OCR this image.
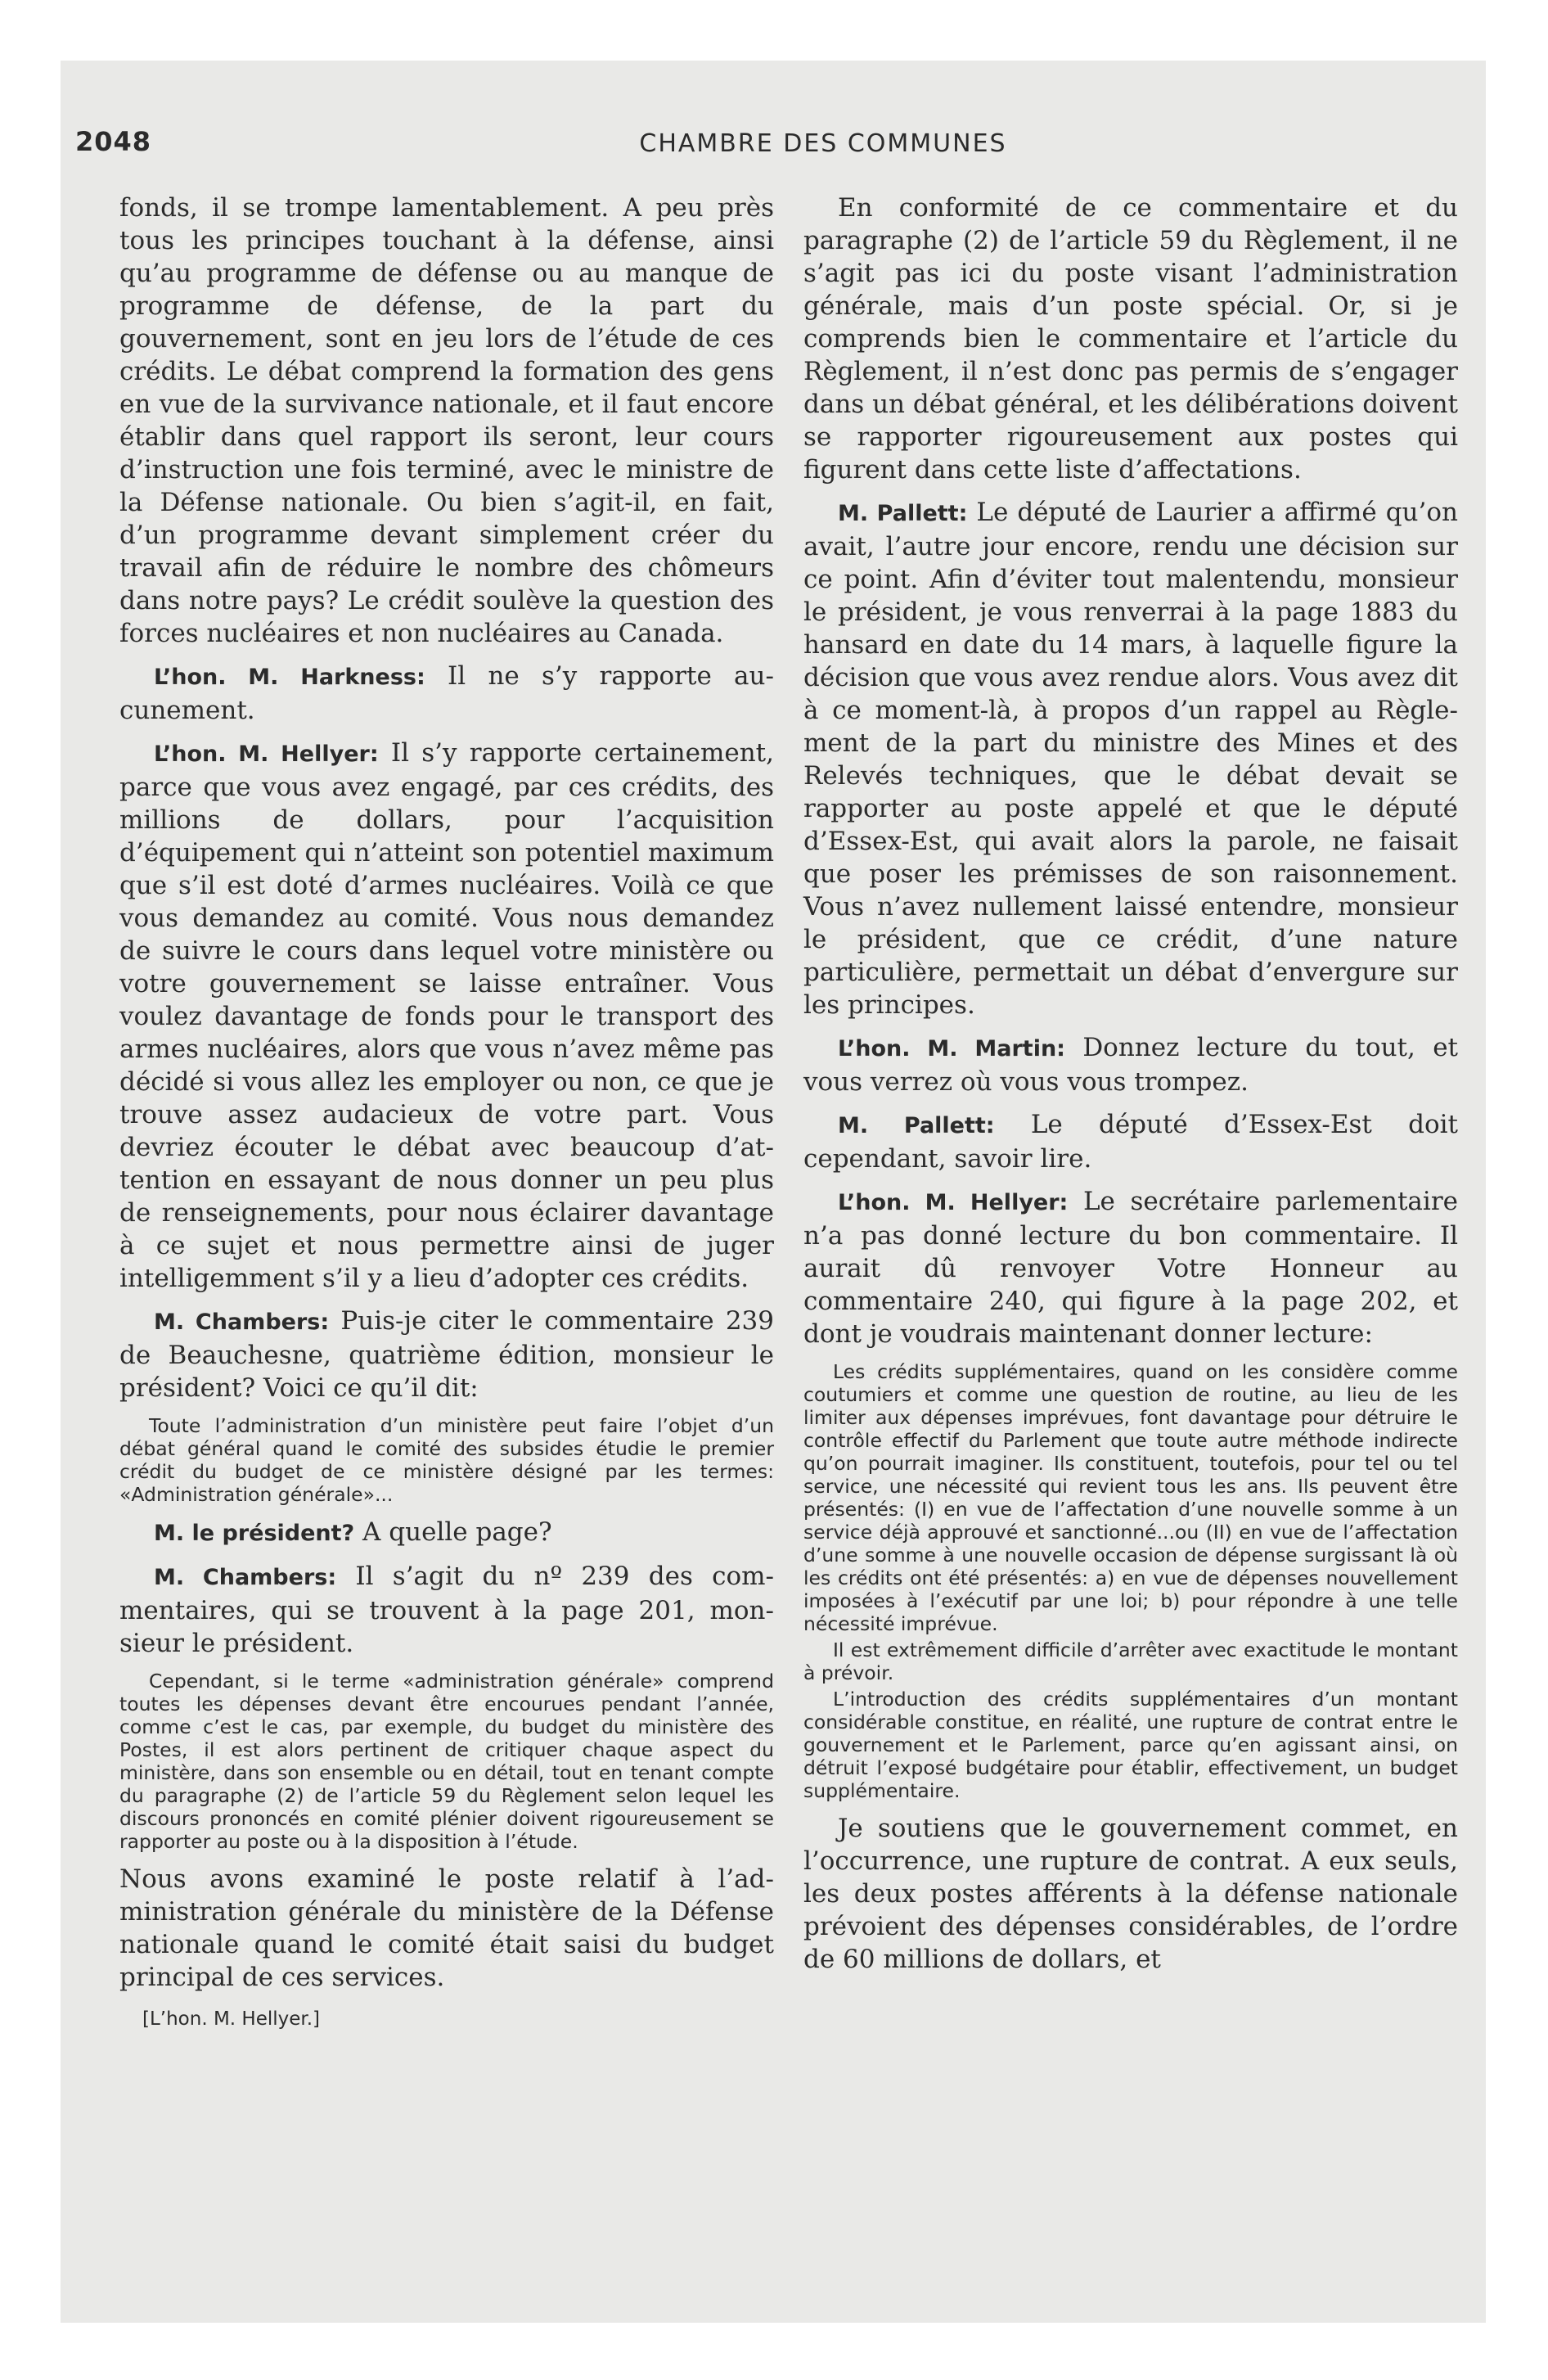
2048	CHAMBRE DES COMMUNES

fonds, il se trompe lamentablement. A peu près tous les principes touchant à la défense, ainsi qu’au programme de défense ou au manque de programme de défense, de la part du gouvernement, sont en jeu lors de l’étude de ces crédits. Le débat comprend la formation des gens en vue de la survivance nationale, et il faut encore établir dans quel rapport ils seront, leur cours d’instruction une fois terminé, avec le ministre de la Défense nationale. Ou bien s’agit-il, en fait, d’un programme devant simplement créer du travail afin de réduire le nombre des chômeurs dans notre pays? Le crédit soulève la question des forces nucléaires et non nucléaires au Canada.

L’hon. M. Harkness: Il ne s’y rapporte aucunement.

L’hon. M. Hellyer: Il s’y rapporte certainement, parce que vous avez engagé, par ces crédits, des millions de dollars, pour l’acquisition d’équipement qui n’atteint son potentiel maximum que s’il est doté d’armes nucléaires. Voilà ce que vous demandez au comité. Vous nous demandez de suivre le cours dans lequel votre ministère ou votre gouvernement se laisse entraîner. Vous voulez davantage de fonds pour le transport des armes nucléaires, alors que vous n’avez même pas décidé si vous allez les employer ou non, ce que je trouve assez audacieux de votre part. Vous devriez écouter le débat avec beaucoup d’attention en essayant de nous donner un peu plus de renseignements, pour nous éclairer davantage à ce sujet et nous permettre ainsi de juger intelligemment s’il y a lieu d’adopter ces crédits.

M. Chambers: Puis-je citer le commentaire 239 de Beauchesne, quatrième édition, monsieur le président? Voici ce qu’il dit:

Toute l’administration d’un ministère peut faire l’objet d’un débat général quand le comité des subsides étudie le premier crédit du budget de ce ministère désigné par les termes: «Administration générale»...

M. le président? A quelle page?

M. Chambers: Il s’agit du nº 239 des commentaires, qui se trouvent à la page 201, monsieur le président.

Cependant, si le terme «administration générale» comprend toutes les dépenses devant être encourues pendant l’année, comme c’est le cas, par exemple, du budget du ministère des Postes, il est alors pertinent de critiquer chaque aspect du ministère, dans son ensemble ou en détail, tout en tenant compte du paragraphe (2) de l’article 59 du Règlement selon lequel les discours prononcés en comité plénier doivent rigoureusement se rapporter au poste ou à la disposition à l’étude.

Nous avons examiné le poste relatif à l’administration générale du ministère de la Défense nationale quand le comité était saisi du budget principal de ces services.

[L’hon. M. Hellyer.]

En conformité de ce commentaire et du paragraphe (2) de l’article 59 du Règlement, il ne s’agit pas ici du poste visant l’administration générale, mais d’un poste spécial. Or, si je comprends bien le commentaire et l’article du Règlement, il n’est donc pas permis de s’engager dans un débat général, et les délibérations doivent se rapporter rigoureusement aux postes qui figurent dans cette liste d’affectations.

M. Pallett: Le député de Laurier a affirmé qu’on avait, l’autre jour encore, rendu une décision sur ce point. Afin d’éviter tout malentendu, monsieur le président, je vous renverrai à la page 1883 du hansard en date du 14 mars, à laquelle figure la décision que vous avez rendue alors. Vous avez dit à ce moment-là, à propos d’un rappel au Règlement de la part du ministre des Mines et des Relevés techniques, que le débat devait se rapporter au poste appelé et que le député d’Essex-Est, qui avait alors la parole, ne faisait que poser les prémisses de son raisonnement. Vous n’avez nullement laissé entendre, monsieur le président, que ce crédit, d’une nature particulière, permettait un débat d’envergure sur les principes.

L’hon. M. Martin: Donnez lecture du tout, et vous verrez où vous vous trompez.

M. Pallett: Le député d’Essex-Est doit cependant, savoir lire.

L’hon. M. Hellyer: Le secrétaire parlementaire n’a pas donné lecture du bon commentaire. Il aurait dû renvoyer Votre Honneur au commentaire 240, qui figure à la page 202, et dont je voudrais maintenant donner lecture:

Les crédits supplémentaires, quand on les considère comme coutumiers et comme une question de routine, au lieu de les limiter aux dépenses imprévues, font davantage pour détruire le contrôle effectif du Parlement que toute autre méthode indirecte qu’on pourrait imaginer. Ils constituent, toutefois, pour tel ou tel service, une nécessité qui revient tous les ans. Ils peuvent être présentés: (I) en vue de l’affectation d’une nouvelle somme à un service déjà approuvé et sanctionné...ou (II) en vue de l’affectation d’une somme à une nouvelle occasion de dépense surgissant là où les crédits ont été présentés: a) en vue de dépenses nouvellement imposées à l’exécutif par une loi; b) pour répondre à une telle nécessité imprévue.

Il est extrêmement difficile d’arrêter avec exactitude le montant à prévoir.

L’introduction des crédits supplémentaires d’un montant considérable constitue, en réalité, une rupture de contrat entre le gouvernement et le Parlement, parce qu’en agissant ainsi, on détruit l’exposé budgétaire pour établir, effectivement, un budget supplémentaire.

Je soutiens que le gouvernement commet, en l’occurrence, une rupture de contrat. A eux seuls, les deux postes afférents à la défense nationale prévoient des dépenses considérables, de l’ordre de 60 millions de dollars, et
